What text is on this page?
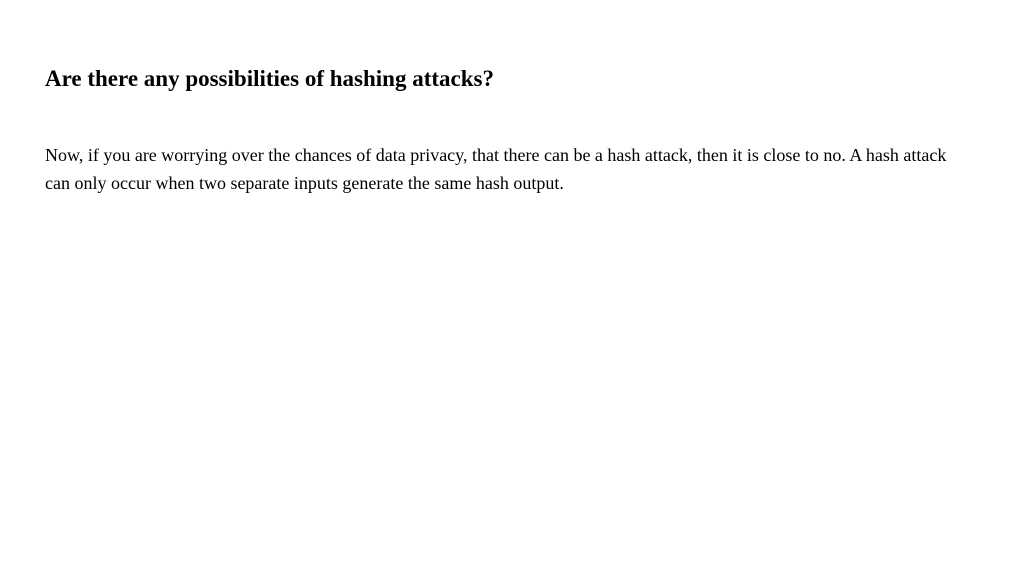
Are there any possibilities of hashing attacks?

Now, if you are worrying over the chances of data privacy, that there can be a hash attack, then it is close to no. A hash attack can only occur when two separate inputs generate the same hash output.
